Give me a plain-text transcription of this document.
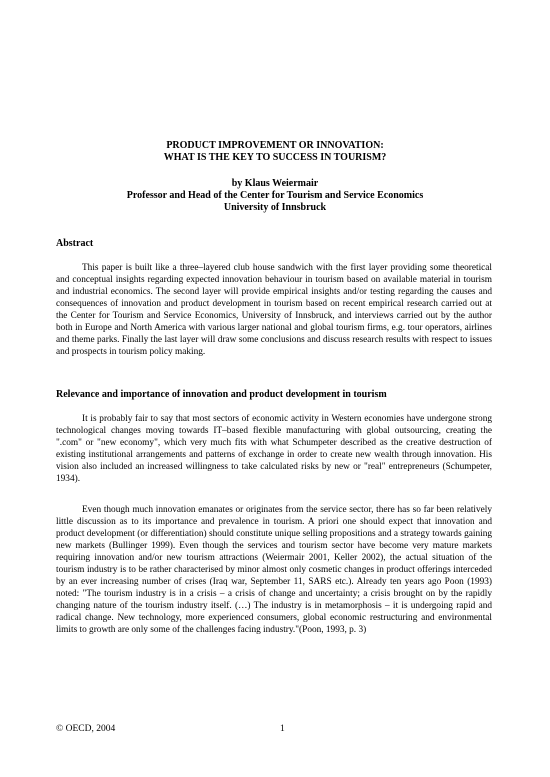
PRODUCT IMPROVEMENT OR INNOVATION:
WHAT IS THE KEY TO SUCCESS IN TOURISM?
by Klaus Weiermair
Professor and Head of the Center for Tourism and Service Economics
University of Innsbruck
Abstract

This paper is built like a three–layered club house sandwich with the first layer providing some theoretical and conceptual insights regarding expected innovation behaviour in tourism based on available material in tourism and industrial economics. The second layer will provide empirical insights and/or testing regarding the causes and consequences of innovation and product development in tourism based on recent empirical research carried out at the Center for Tourism and Service Economics, University of Innsbruck, and interviews carried out by the author both in Europe and North America with various larger national and global tourism firms, e.g. tour operators, airlines and theme parks. Finally the last layer will draw some conclusions and discuss research results with respect to issues and prospects in tourism policy making.

Relevance and importance of innovation and product development in tourism

It is probably fair to say that most sectors of economic activity in Western economies have undergone strong technological changes moving towards IT–based flexible manufacturing with global outsourcing, creating the ".com" or "new economy", which very much fits with what Schumpeter described as the creative destruction of existing institutional arrangements and patterns of exchange in order to create new wealth through innovation. His vision also included an increased willingness to take calculated risks by new or "real" entrepreneurs (Schumpeter, 1934).

Even though much innovation emanates or originates from the service sector, there has so far been relatively little discussion as to its importance and prevalence in tourism. A priori one should expect that innovation and product development (or differentiation) should constitute unique selling propositions and a strategy towards gaining new markets (Bullinger 1999). Even though the services and tourism sector have become very mature markets requiring innovation and/or new tourism attractions (Weiermair 2001, Keller 2002), the actual situation of the tourism industry is to be rather characterised by minor almost only cosmetic changes in product offerings interceded by an ever increasing number of crises (Iraq war, September 11, SARS etc.). Already ten years ago Poon (1993) noted: "The tourism industry is in a crisis – a crisis of change and uncertainty; a crisis brought on by the rapidly changing nature of the tourism industry itself. (…) The industry is in metamorphosis – it is undergoing rapid and radical change. New technology, more experienced consumers, global economic restructuring and environmental limits to growth are only some of the challenges facing industry."(Poon, 1993, p. 3)

© OECD, 2004	1
